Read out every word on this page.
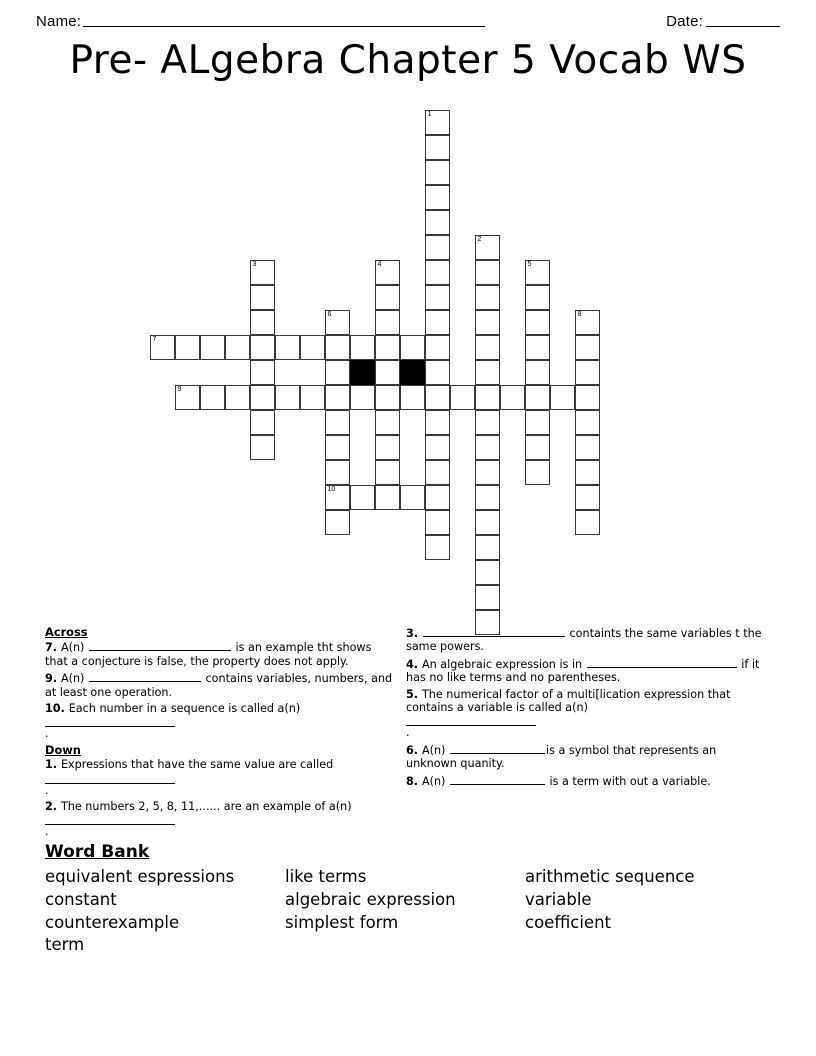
Name:	Date:
Pre- ALgebra Chapter 5 Vocab WS
1
2
3	4	5
6
10
7
8
9
Across
7. A(n)	is an example tht shows that a conjecture is false, the property does not apply.
9. A(n)	contains variables, numbers, and at least one operation.
10. Each number in a sequence is called a(n)
.
Down
1. Expressions that have the same value are called
.
2. The numbers 2, 5, 8, 11,...... are an example of a(n)
.
3.	containts the same variables t the same powers.
4. An algebraic expression is in	if it has no like terms and no parentheses.
5. The numerical factor of a multi[lication expression that contains a variable is called a(n)
.
6. A(n)	is a symbol that represents an unknown quanity.
8. A(n)	is a term with out a variable.
Word Bank
equivalent espressions	like terms	arithmetic sequence
constant	algebraic expression	variable
counterexample	simplest form	coefficient
term
